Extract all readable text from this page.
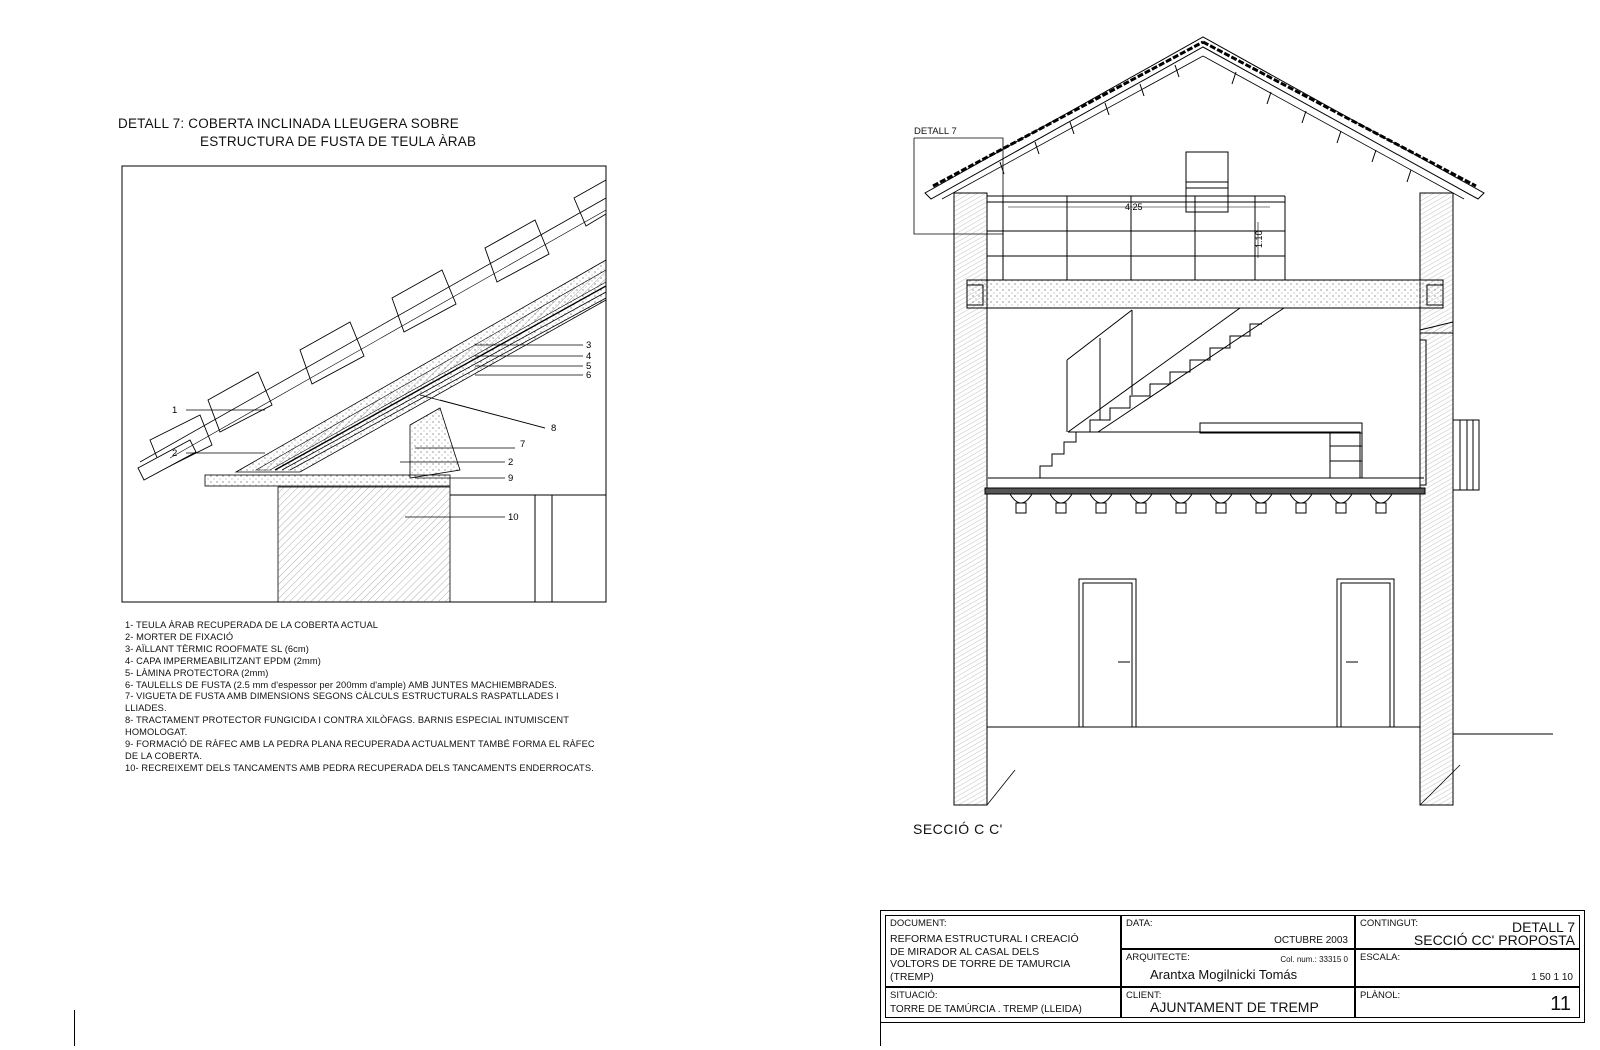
DETALL 7: COBERTA INCLINADA LLEUGERA SOBRE
ESTRUCTURA DE FUSTA DE TEULA ÀRAB
1
2
3
4
5
6
8
7
2
9
10
4.25
1.10
DETALL 7
SECCIÓ C C'
1- TEULA ÀRAB RECUPERADA DE LA COBERTA ACTUAL
2- MORTER DE FIXACIÓ
3- AÏLLANT TÈRMIC ROOFMATE SL (6cm)
4- CAPA IMPERMEABILITZANT EPDM (2mm)
5- LÀMINA PROTECTORA (2mm)
6- TAULELLS DE FUSTA (2.5 mm d'espessor per 200mm d'ample) AMB JUNTES MACHIEMBRADES.
7- VIGUETA DE FUSTA AMB DIMENSIONS SEGONS CÀLCULS ESTRUCTURALS RASPATLLADES I LLIADES.
8- TRACTAMENT PROTECTOR FUNGICIDA I CONTRA XILÒFAGS. BARNIS ESPECIAL INTUMISCENT HOMOLOGAT.
9- FORMACIÓ DE RÀFEC AMB LA PEDRA PLANA RECUPERADA ACTUALMENT TAMBÉ FORMA EL RÀFEC DE LA COBERTA.
10- RECREIXEMT DELS TANCAMENTS AMB PEDRA RECUPERADA DELS TANCAMENTS ENDERROCATS.
DOCUMENT:
REFORMA ESTRUCTURAL I CREACIÓ
DE MIRADOR AL CASAL DELS
VOLTORS DE TORRE DE TAMURCIA
(TREMP)
SITUACIÓ:
TORRE DE TAMÚRCIA . TREMP (LLEIDA)
DATA:
OCTUBRE 2003
ARQUITECTE:	Col. num.: 33315 0
Arantxa Mogilnicki Tomás
CLIENT:
AJUNTAMENT DE TREMP
CONTINGUT:	DETALL 7
SECCIÓ CC' PROPOSTA
ESCALA:
1 50 1 10
PLÀNOL:	11
